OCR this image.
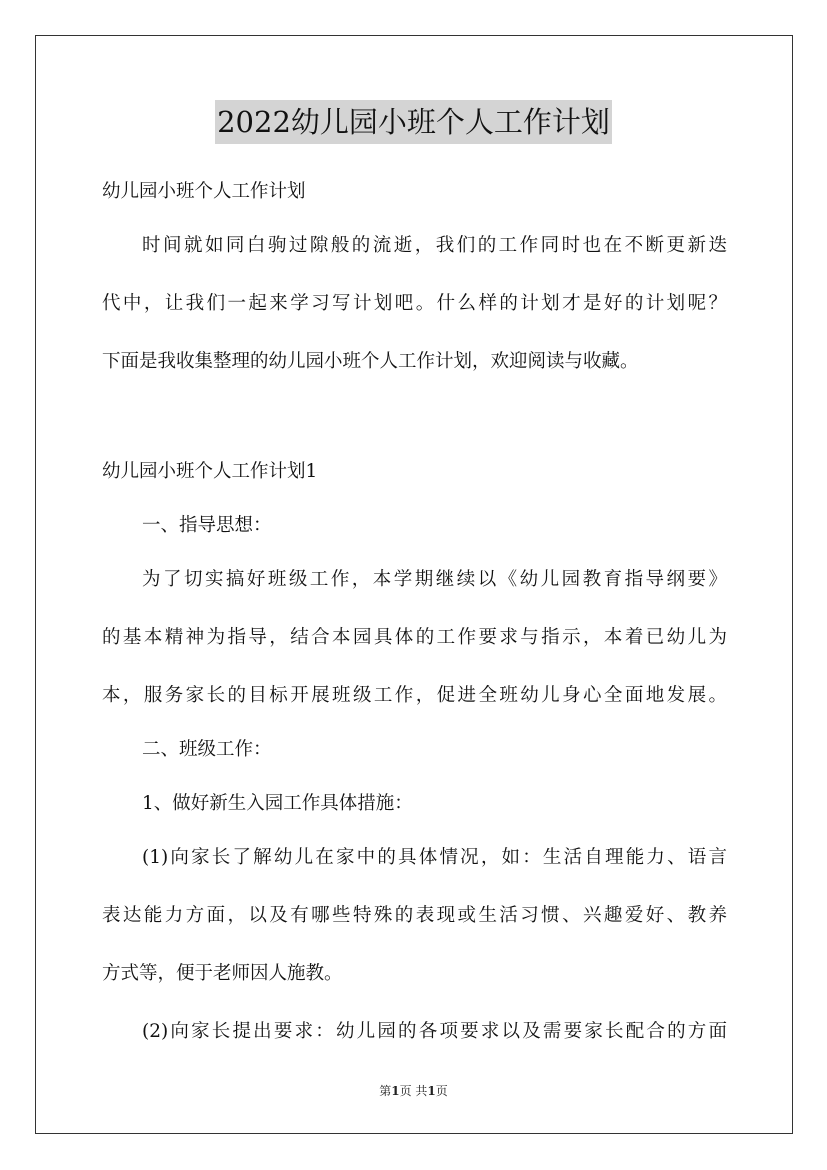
2022幼儿园小班个人工作计划
幼儿园小班个人工作计划
时间就如同白驹过隙般的流逝，我们的工作同时也在不断更新迭
代中，让我们一起来学习写计划吧。什么样的计划才是好的计划呢？
下面是我收集整理的幼儿园小班个人工作计划，欢迎阅读与收藏。
幼儿园小班个人工作计划1
一、指导思想：
为了切实搞好班级工作，本学期继续以《幼儿园教育指导纲要》
的基本精神为指导，结合本园具体的工作要求与指示，本着已幼儿为
本，服务家长的目标开展班级工作，促进全班幼儿身心全面地发展。
二、班级工作：
1、做好新生入园工作具体措施：
(1)向家长了解幼儿在家中的具体情况，如：生活自理能力、语言
表达能力方面，以及有哪些特殊的表现或生活习惯、兴趣爱好、教养
方式等，便于老师因人施教。
(2)向家长提出要求：幼儿园的各项要求以及需要家长配合的方面
第1页 共1页
